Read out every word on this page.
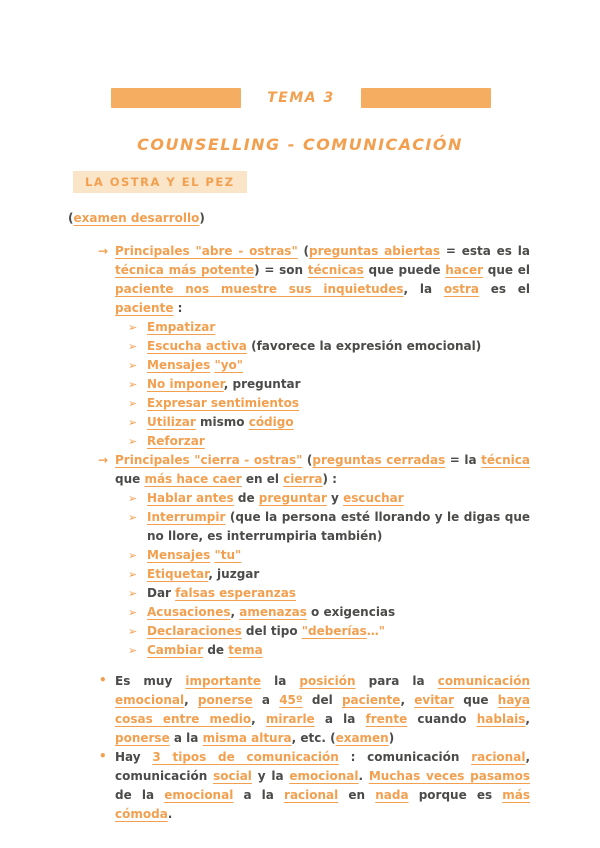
TEMA 3
COUNSELLING - COMUNICACIÓN
LA OSTRA Y EL PEZ
(examen desarrollo)
→ Principales "abre - ostras" (preguntas abiertas = esta es la técnica más potente) = son técnicas que puede hacer que el paciente nos muestre sus inquietudes, la ostra es el paciente :
➢ Empatizar
➢ Escucha activa (favorece la expresión emocional)
➢ Mensajes "yo"
➢ No imponer, preguntar
➢ Expresar sentimientos
➢ Utilizar mismo código
➢ Reforzar
→ Principales "cierra - ostras" (preguntas cerradas = la técnica que más hace caer en el cierra) :
➢ Hablar antes de preguntar y escuchar
➢ Interrumpir (que la persona esté llorando y le digas que no llore, es interrumpiria también)
➢ Mensajes "tu"
➢ Etiquetar, juzgar
➢ Dar falsas esperanzas
➢ Acusaciones, amenazas o exigencias
➢ Declaraciones del tipo "deberías…"
➢ Cambiar de tema
• Es muy importante la posición para la comunicación emocional, ponerse a 45º del paciente, evitar que haya cosas entre medio, mirarle a la frente cuando hablais, ponerse a la misma altura, etc. (examen)
• Hay 3 tipos de comunicación : comunicación racional, comunicación social y la emocional. Muchas veces pasamos de la emocional a la racional en nada porque es más cómoda.
